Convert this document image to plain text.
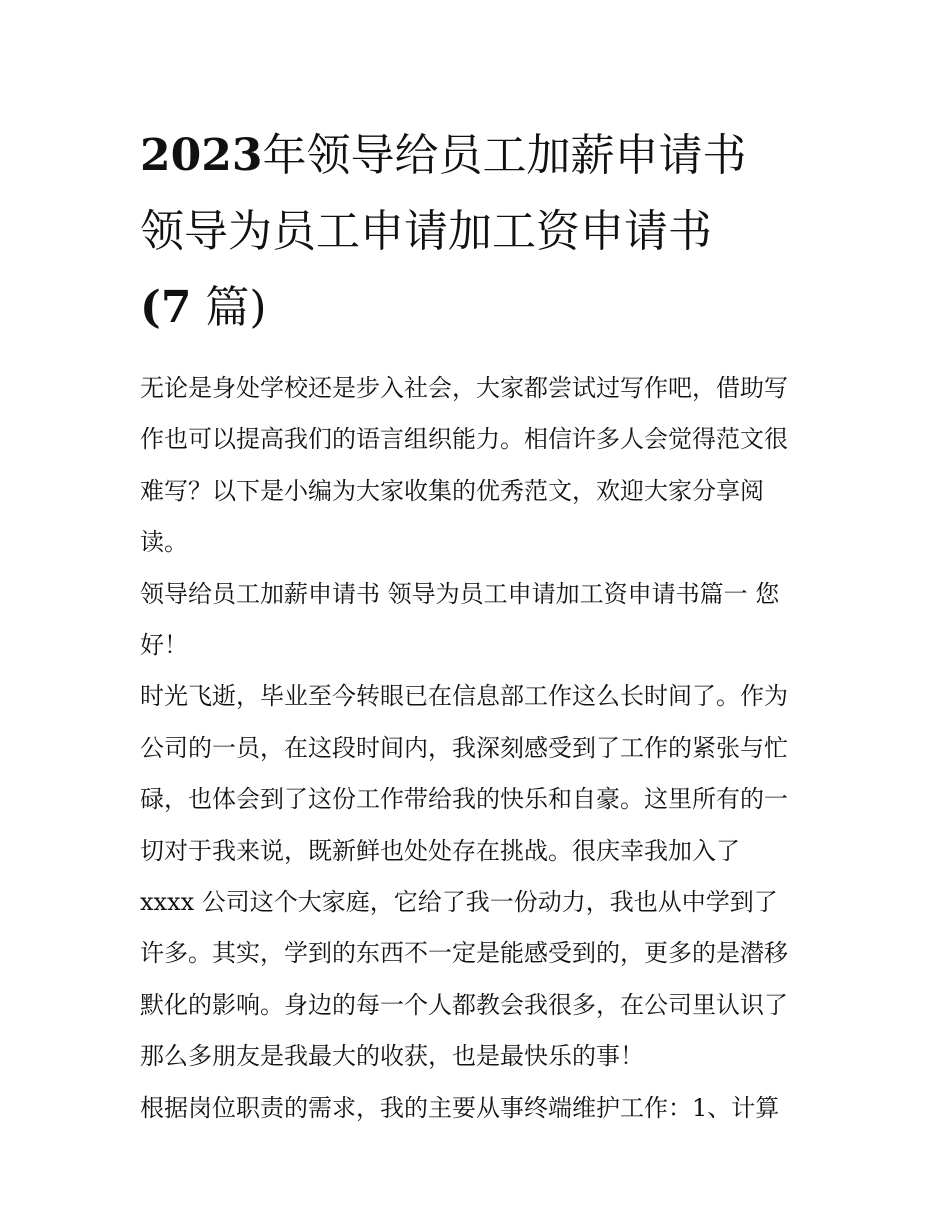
2023年领导给员工加薪申请书
领导为员工申请加工资申请书
(7 篇)

无论是身处学校还是步入社会，大家都尝试过写作吧，借助写
作也可以提高我们的语言组织能力。相信许多人会觉得范文很
难写？以下是小编为大家收集的优秀范文，欢迎大家分享阅
读。

领导给员工加薪申请书 领导为员工申请加工资申请书篇一 您
好！

时光飞逝，毕业至今转眼已在信息部工作这么长时间了。作为
公司的一员，在这段时间内，我深刻感受到了工作的紧张与忙
碌，也体会到了这份工作带给我的快乐和自豪。这里所有的一
切对于我来说，既新鲜也处处存在挑战。很庆幸我加入了
xxxx 公司这个大家庭，它给了我一份动力，我也从中学到了
许多。其实，学到的东西不一定是能感受到的，更多的是潜移
默化的影响。身边的每一个人都教会我很多，在公司里认识了
那么多朋友是我最大的收获，也是最快乐的事！

根据岗位职责的需求，我的主要从事终端维护工作：1、计算
